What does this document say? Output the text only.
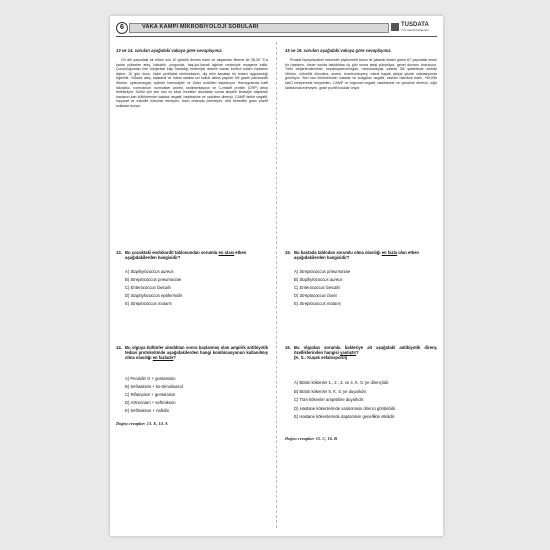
6	VAKA KAMPI MİKROBİYOLOJİ SORULARI	TUSDATA
TUS Hazırlık Merkezleri
13 ve 14. soruları aşağıdaki vakaya göre cevaplayınız.
On altı yaşındaki bir erkek son 10 gündür devam eden ve akşamları titreme ile 38-39 °C'a kadar yükselen ateş, halsizlik, yorgunluk, baş-kol-bacak ağrıları nedeniyle muayene edilir. Çocukluğundan beri konjenital kalp hastalığı nedeniyle aralıklı olarak kontrol edilen hastanın dişine, 10 gün önce, hiçbir profilaksi verilmeksizin, diş etini kanatan bir tedavi uygulandığı öğrenilir. Yüksek ateş, taşikardi ve mitral odakta sol koltuk altına yayılan 3/6 grade pansistolik üfürüm, splenomegali, splinter hemorajiler ve Osler nodülleri saptanıyor. Hemogramda hafif lökositoz, normokrom normositer anemi, sedimentasyon ve C-reaktif protein (CRP) artışı belirleniyor. Kültür için seri kan ve idrar örnekleri alındıktan sonra ampirik tedaviye başlanan hastanın kan kültürlerinde katalaz negatif, basitrasine ve optokine dirençli, CAMP faktör negatif, hippurat ve eskülini hidrolize etmeyen, tuzlu ortamda üremeyen, alfa hemolitik gram pozitif kokkalar üreyor.
13. Bu çocuktaki endokardit tablosundan sorumlu en olası etken aşağıdakilerden hangisidir?
A) Staphylococcus aureus
B) Streptococcus pneumoniae
C) Enterococcus faecalis
D) Staphylococcus epidermidis
E) Streptococcus mutans
14. Bu olguya kültürler alındıktan sonra başlanmış olan ampirik antibiyotik tedavi protokolünde aşağıdakilerden hangi kombinasyonun kullanılmış olma olasılığı en fazladır?
A) Penisilin G + gentamisin
B) Sefotaksim + ko-trimoksazol
C) Rifampisin + gentamisin
D) Aztreonam + seftriakson
E) Seftriakson + nafsilin
Doğru cevaplar: 13. E, 14. A
15 ve 16. soruları aşağıdaki vakaya göre cevaplayınız.
Prostat hiperplazisine sekonder piyelonefrit tanısı ile yatarak tedavi gören 67 yaşındaki erkek bir hastanın, üriner sonda takıldıktan üç gün sonra ateşi yükseliyor, genel durumu bozuluyor. Tıbbi değerlendirmede; hepatosplenomegali, mezokardiyak odakta 3/6 şiddetinde sistolik üfürüm, nötrofilik lökositoz, anemi, trombositopeni, mitral kapak atriyal yüzde vejetasyonlar görülüyor. Seri kan kültürlerinde; katalaz ve koagülaz negatif, eskülin hidrolize eden, %6,5'lik NaCl besiyerinde üreyebilen, CAMP ve hippurat negatif, basitrasine ve optokine dirençli, sığır safrasında erimeyen, gram pozitif kokklar üriyor.
15. Bu hastada tablodan sorumlu olma olasılığı en fazla olan etken aşağıdakilerden hangisidir?
A) Streptococcus pneumoniae
B) Staphylococcus aureus
C) Enterococcus faecalis
D) Streptococcus bovis
E) Streptococcus mutans
16. Bu olgudan sorumlu bakteriye ait aşağıdaki antibiyotik direnç özelliklerinden hangisi yanlıştır?
(K. S.: Kuşak sefalosporin)
A) Bütün kökenler 1., 2., 3. ve 4. K. S.'ye dirençlidir.
B) Bütün kökenler 5. K. S.'ye duyarlıdır.
C) Tüm kökenler ampisiline duyarlıdır.
D) Hastane kökenlerinde vankomisin direnci görülebilir.
E) Hastane kökenlerinde daptomisin genellikle etkilidir.
Doğru cevaplar: 15. C, 16. B
